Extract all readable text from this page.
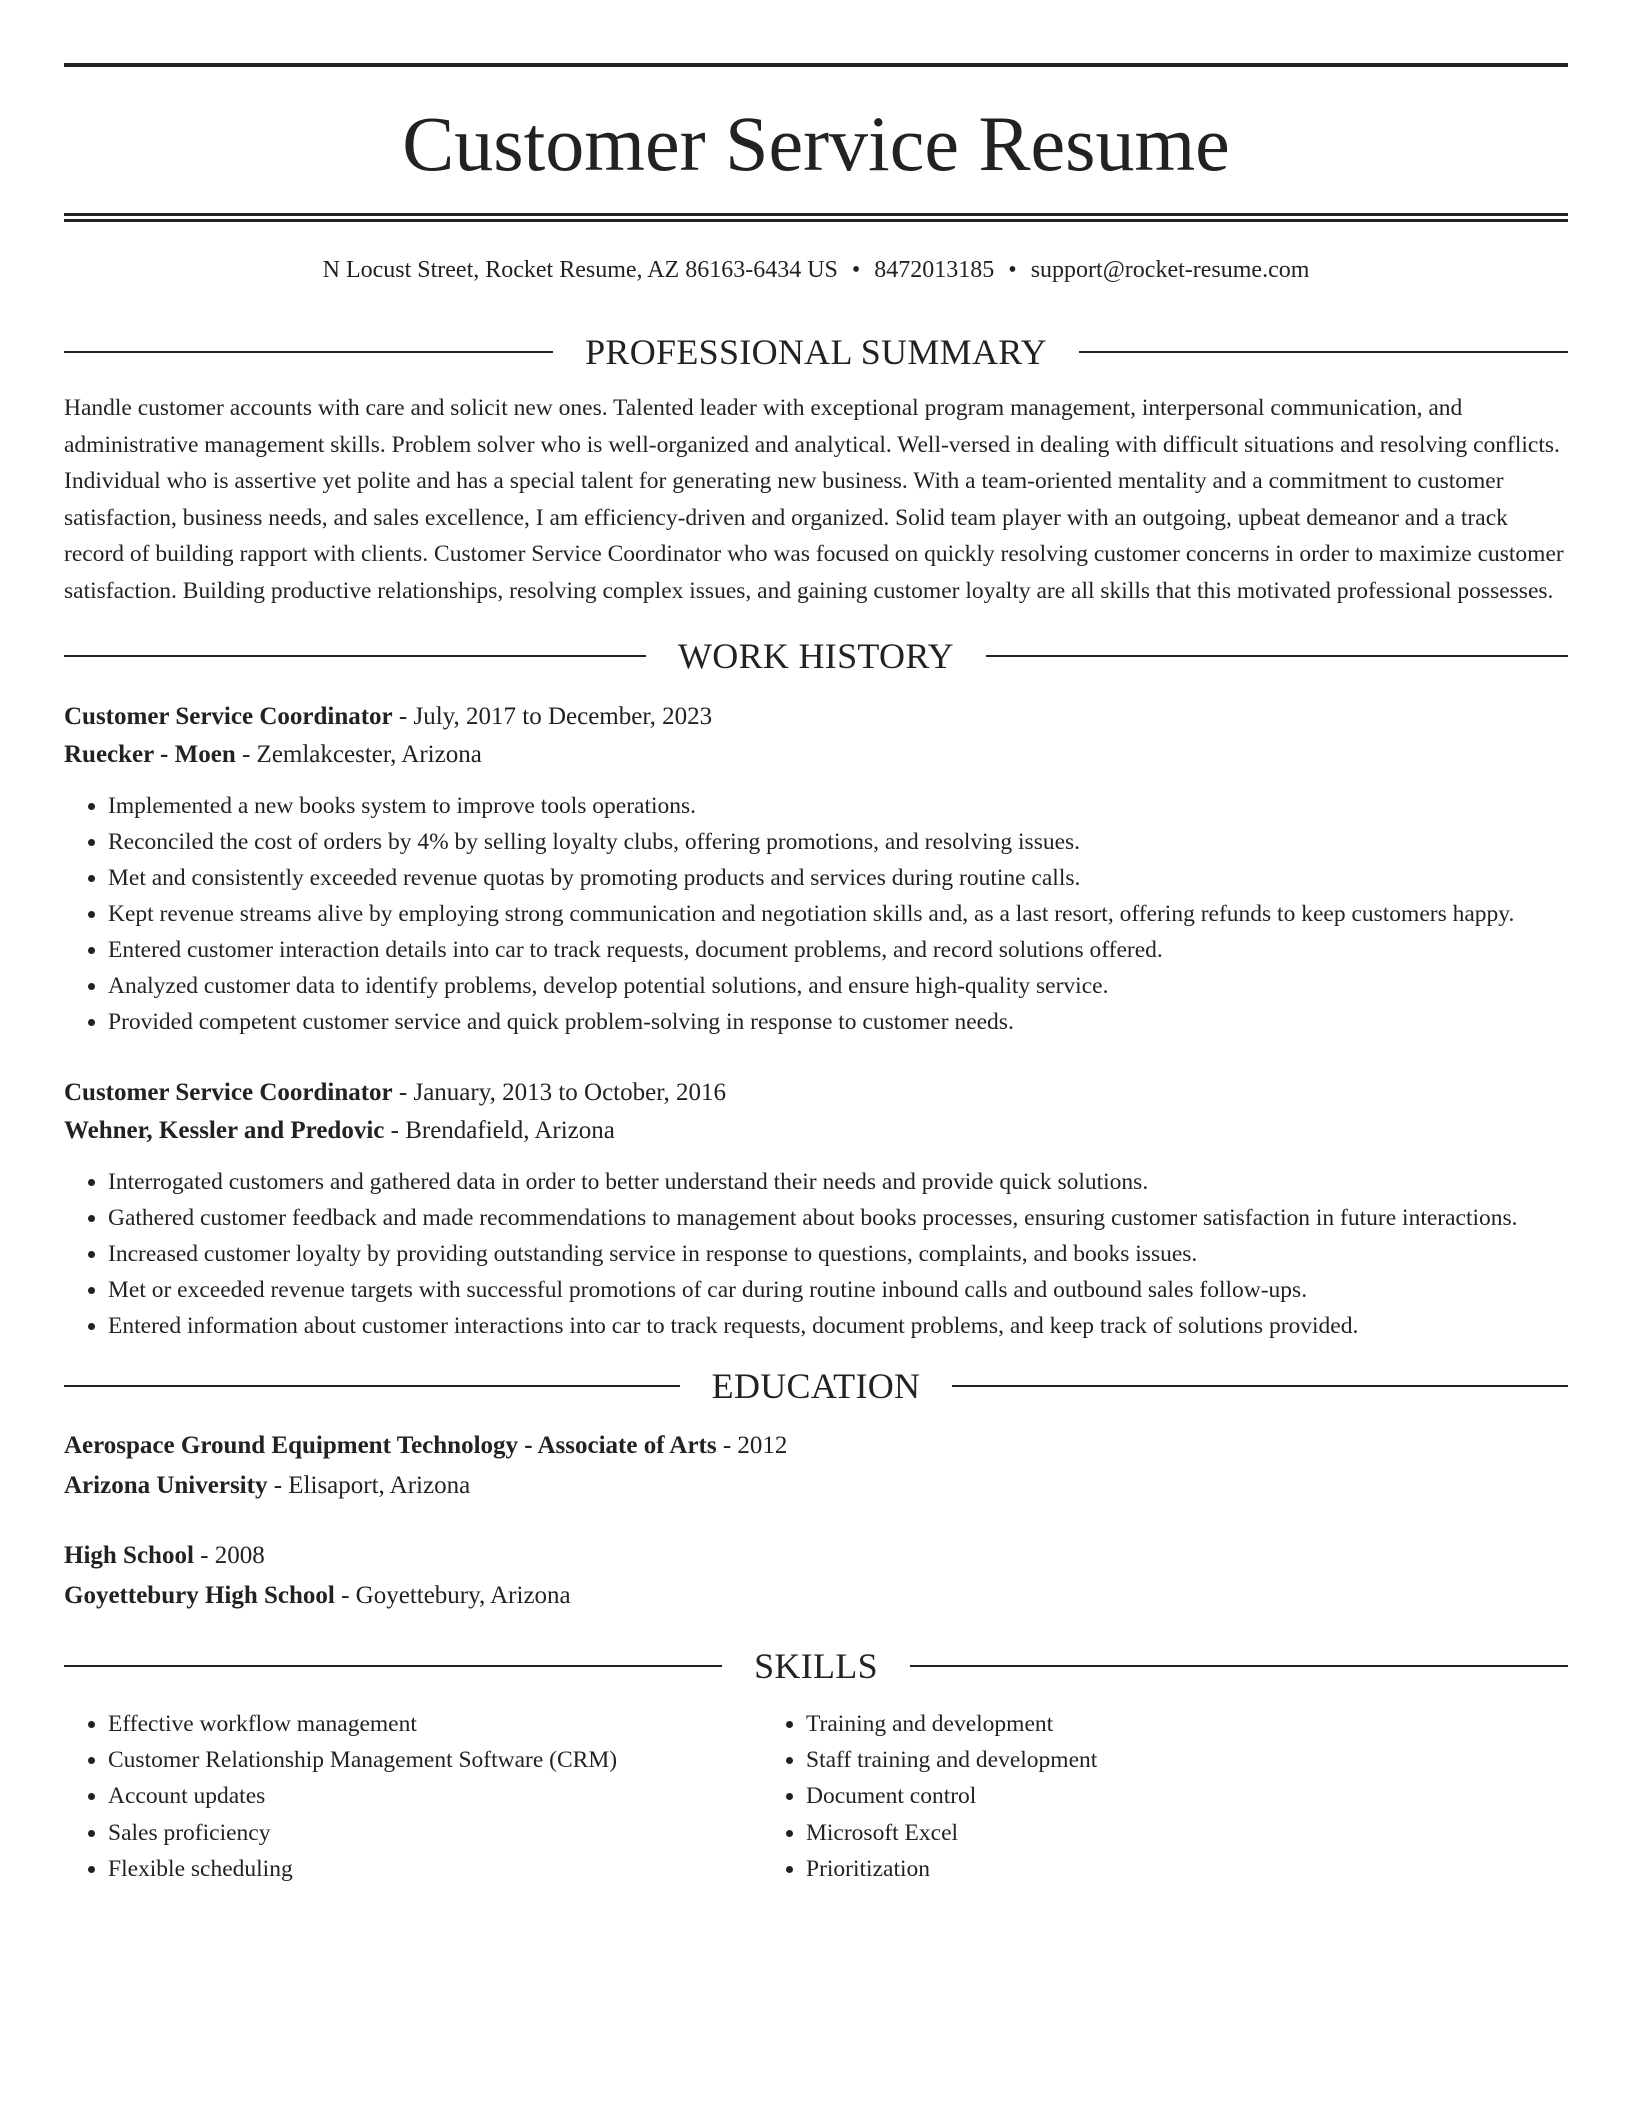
Customer Service Resume
N Locust Street, Rocket Resume, AZ 86163-6434 US • 8472013185 • support@rocket-resume.com
PROFESSIONAL SUMMARY

Handle customer accounts with care and solicit new ones. Talented leader with exceptional program management, interpersonal communication, and administrative management skills. Problem solver who is well-organized and analytical. Well-versed in dealing with difficult situations and resolving conflicts. Individual who is assertive yet polite and has a special talent for generating new business. With a team-oriented mentality and a commitment to customer satisfaction, business needs, and sales excellence, I am efficiency-driven and organized. Solid team player with an outgoing, upbeat demeanor and a track record of building rapport with clients. Customer Service Coordinator who was focused on quickly resolving customer concerns in order to maximize customer satisfaction. Building productive relationships, resolving complex issues, and gaining customer loyalty are all skills that this motivated professional possesses.

WORK HISTORY
Customer Service Coordinator - July, 2017 to December, 2023
Ruecker - Moen - Zemlakcester, Arizona
• Implemented a new books system to improve tools operations.
• Reconciled the cost of orders by 4% by selling loyalty clubs, offering promotions, and resolving issues.
• Met and consistently exceeded revenue quotas by promoting products and services during routine calls.
• Kept revenue streams alive by employing strong communication and negotiation skills and, as a last resort, offering refunds to keep customers happy.
• Entered customer interaction details into car to track requests, document problems, and record solutions offered.
• Analyzed customer data to identify problems, develop potential solutions, and ensure high-quality service.
• Provided competent customer service and quick problem-solving in response to customer needs.
Customer Service Coordinator - January, 2013 to October, 2016
Wehner, Kessler and Predovic - Brendafield, Arizona
• Interrogated customers and gathered data in order to better understand their needs and provide quick solutions.
• Gathered customer feedback and made recommendations to management about books processes, ensuring customer satisfaction in future interactions.
• Increased customer loyalty by providing outstanding service in response to questions, complaints, and books issues.
• Met or exceeded revenue targets with successful promotions of car during routine inbound calls and outbound sales follow-ups.
• Entered information about customer interactions into car to track requests, document problems, and keep track of solutions provided.
EDUCATION
Aerospace Ground Equipment Technology - Associate of Arts - 2012
Arizona University - Elisaport, Arizona
High School - 2008
Goyettebury High School - Goyettebury, Arizona
SKILLS
• Effective workflow management
• Customer Relationship Management Software (CRM)
• Account updates
• Sales proficiency
• Flexible scheduling
• Training and development
• Staff training and development
• Document control
• Microsoft Excel
• Prioritization
